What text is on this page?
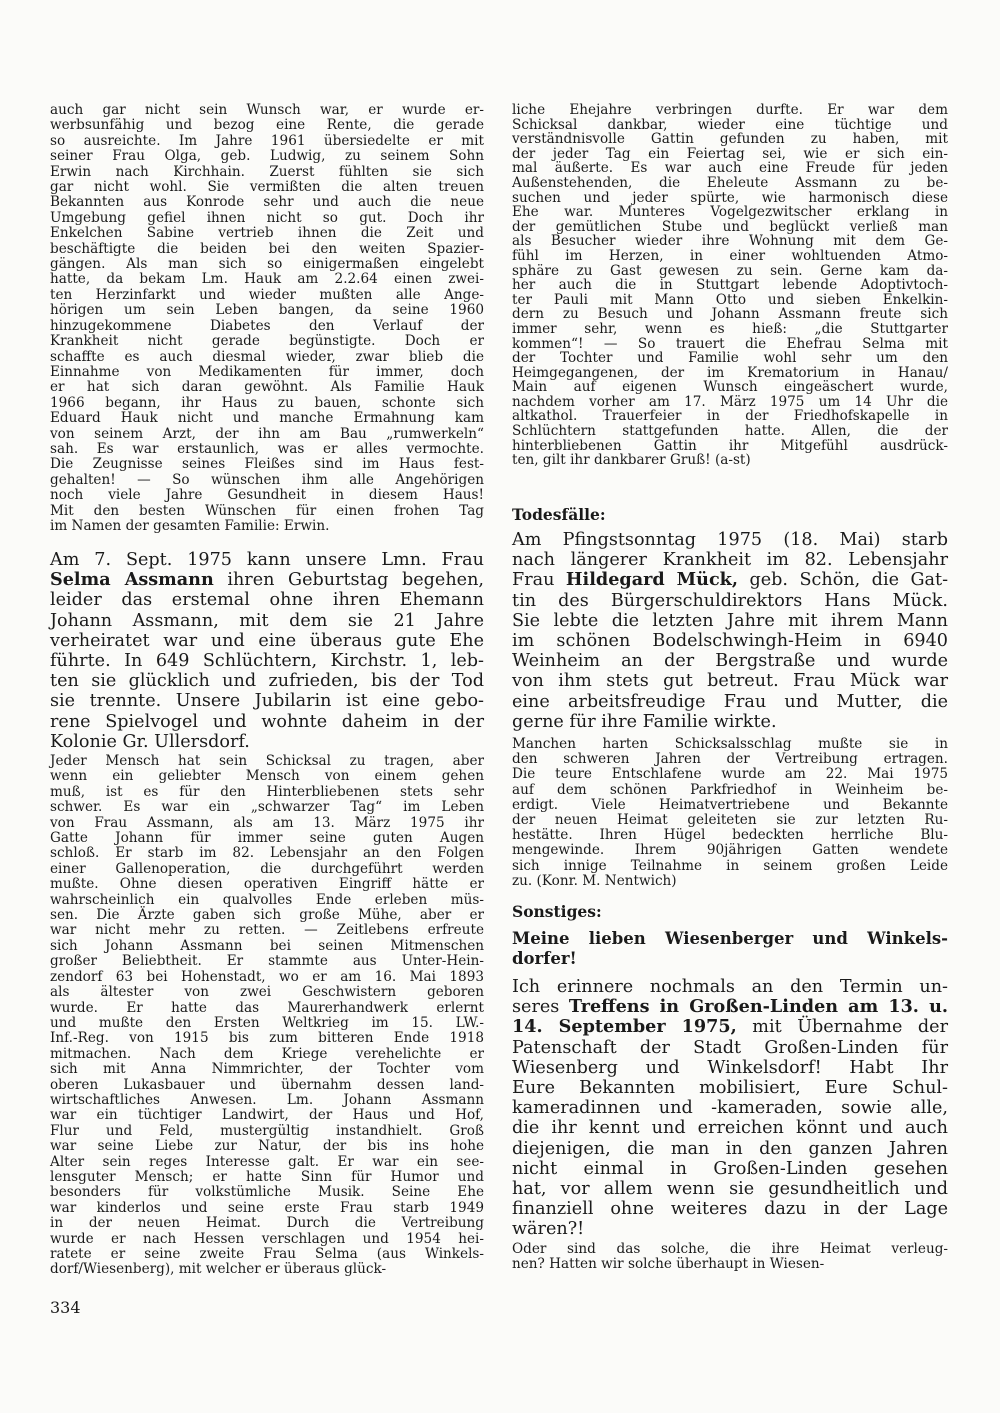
auch gar nicht sein Wunsch war, er wurde er-
werbsunfähig und bezog eine Rente, die gerade
so ausreichte. Im Jahre 1961 übersiedelte er mit
seiner Frau Olga, geb. Ludwig, zu seinem Sohn
Erwin nach Kirchhain. Zuerst fühlten sie sich
gar nicht wohl. Sie vermißten die alten treuen
Bekannten aus Konrode sehr und auch die neue
Umgebung gefiel ihnen nicht so gut. Doch ihr
Enkelchen Sabine vertrieb ihnen die Zeit und
beschäftigte die beiden bei den weiten Spazier-
gängen. Als man sich so einigermaßen eingelebt
hatte, da bekam Lm. Hauk am 2.2.64 einen zwei-
ten Herzinfarkt und wieder mußten alle Ange-
hörigen um sein Leben bangen, da seine 1960
hinzugekommene Diabetes den Verlauf der
Krankheit nicht gerade begünstigte. Doch er
schaffte es auch diesmal wieder, zwar blieb die
Einnahme von Medikamenten für immer, doch
er hat sich daran gewöhnt. Als Familie Hauk
1966 begann, ihr Haus zu bauen, schonte sich
Eduard Hauk nicht und manche Ermahnung kam
von seinem Arzt, der ihn am Bau „rumwerkeln“
sah. Es war erstaunlich, was er alles vermochte.
Die Zeugnisse seines Fleißes sind im Haus fest-
gehalten! — So wünschen ihm alle Angehörigen
noch viele Jahre Gesundheit in diesem Haus!
Mit den besten Wünschen für einen frohen Tag
im Namen der gesamten Familie: Erwin.
Am 7. Sept. 1975 kann unsere Lmn. Frau
Selma Assmann ihren Geburtstag begehen,
leider das erstemal ohne ihren Ehemann
Johann Assmann, mit dem sie 21 Jahre
verheiratet war und eine überaus gute Ehe
führte. In 649 Schlüchtern, Kirchstr. 1, leb-
ten sie glücklich und zufrieden, bis der Tod
sie trennte. Unsere Jubilarin ist eine gebo-
rene Spielvogel und wohnte daheim in der
Kolonie Gr. Ullersdorf.
Jeder Mensch hat sein Schicksal zu tragen, aber
wenn ein geliebter Mensch von einem gehen
muß, ist es für den Hinterbliebenen stets sehr
schwer. Es war ein „schwarzer Tag“ im Leben
von Frau Assmann, als am 13. März 1975 ihr
Gatte Johann für immer seine guten Augen
schloß. Er starb im 82. Lebensjahr an den Folgen
einer Gallenoperation, die durchgeführt werden
mußte. Ohne diesen operativen Eingriff hätte er
wahrscheinlich ein qualvolles Ende erleben müs-
sen. Die Ärzte gaben sich große Mühe, aber er
war nicht mehr zu retten. — Zeitlebens erfreute
sich Johann Assmann bei seinen Mitmenschen
großer Beliebtheit. Er stammte aus Unter-Hein-
zendorf 63 bei Hohenstadt, wo er am 16. Mai 1893
als ältester von zwei Geschwistern geboren
wurde. Er hatte das Maurerhandwerk erlernt
und mußte den Ersten Weltkrieg im 15. LW.-
Inf.-Reg. von 1915 bis zum bitteren Ende 1918
mitmachen. Nach dem Kriege verehelichte er
sich mit Anna Nimmrichter, der Tochter vom
oberen Lukasbauer und übernahm dessen land-
wirtschaftliches Anwesen. Lm. Johann Assmann
war ein tüchtiger Landwirt, der Haus und Hof,
Flur und Feld, mustergültig instandhielt. Groß
war seine Liebe zur Natur, der bis ins hohe
Alter sein reges Interesse galt. Er war ein see-
lensguter Mensch; er hatte Sinn für Humor und
besonders für volkstümliche Musik. Seine Ehe
war kinderlos und seine erste Frau starb 1949
in der neuen Heimat. Durch die Vertreibung
wurde er nach Hessen verschlagen und 1954 hei-
ratete er seine zweite Frau Selma (aus Winkels-
dorf/Wiesenberg), mit welcher er überaus glück-
334
liche Ehejahre verbringen durfte. Er war dem
Schicksal dankbar, wieder eine tüchtige und
verständnisvolle Gattin gefunden zu haben, mit
der jeder Tag ein Feiertag sei, wie er sich ein-
mal äußerte. Es war auch eine Freude für jeden
Außenstehenden, die Eheleute Assmann zu be-
suchen und jeder spürte, wie harmonisch diese
Ehe war. Munteres Vogelgezwitscher erklang in
der gemütlichen Stube und beglückt verließ man
als Besucher wieder ihre Wohnung mit dem Ge-
fühl im Herzen, in einer wohltuenden Atmo-
sphäre zu Gast gewesen zu sein. Gerne kam da-
her auch die in Stuttgart lebende Adoptivtoch-
ter Pauli mit Mann Otto und sieben Enkelkin-
dern zu Besuch und Johann Assmann freute sich
immer sehr, wenn es hieß: „die Stuttgarter
kommen“! — So trauert die Ehefrau Selma mit
der Tochter und Familie wohl sehr um den
Heimgegangenen, der im Krematorium in Hanau/
Main auf eigenen Wunsch eingeäschert wurde,
nachdem vorher am 17. März 1975 um 14 Uhr die
altkathol. Trauerfeier in der Friedhofskapelle in
Schlüchtern stattgefunden hatte. Allen, die der
hinterbliebenen Gattin ihr Mitgefühl ausdrück-
ten, gilt ihr dankbarer Gruß! (a-st)
Todesfälle:
Am Pfingstsonntag 1975 (18. Mai) starb
nach längerer Krankheit im 82. Lebensjahr
Frau Hildegard Mück, geb. Schön, die Gat-
tin des Bürgerschuldirektors Hans Mück.
Sie lebte die letzten Jahre mit ihrem Mann
im schönen Bodelschwingh-Heim in 6940
Weinheim an der Bergstraße und wurde
von ihm stets gut betreut. Frau Mück war
eine arbeitsfreudige Frau und Mutter, die
gerne für ihre Familie wirkte.
Manchen harten Schicksalsschlag mußte sie in
den schweren Jahren der Vertreibung ertragen.
Die teure Entschlafene wurde am 22. Mai 1975
auf dem schönen Parkfriedhof in Weinheim be-
erdigt. Viele Heimatvertriebene und Bekannte
der neuen Heimat geleiteten sie zur letzten Ru-
hestätte. Ihren Hügel bedeckten herrliche Blu-
mengewinde. Ihrem 90jährigen Gatten wendete
sich innige Teilnahme in seinem großen Leide
zu. (Konr. M. Nentwich)
Sonstiges:
Meine lieben Wiesenberger und Winkels-
dorfer!
Ich erinnere nochmals an den Termin un-
seres Treffens in Großen-Linden am 13. u.
14. September 1975, mit Übernahme der
Patenschaft der Stadt Großen-Linden für
Wiesenberg und Winkelsdorf! Habt Ihr
Eure Bekannten mobilisiert, Eure Schul-
kameradinnen und -kameraden, sowie alle,
die ihr kennt und erreichen könnt und auch
diejenigen, die man in den ganzen Jahren
nicht einmal in Großen-Linden gesehen
hat, vor allem wenn sie gesundheitlich und
finanziell ohne weiteres dazu in der Lage
wären?!
Oder sind das solche, die ihre Heimat verleug-
nen? Hatten wir solche überhaupt in Wiesen-
